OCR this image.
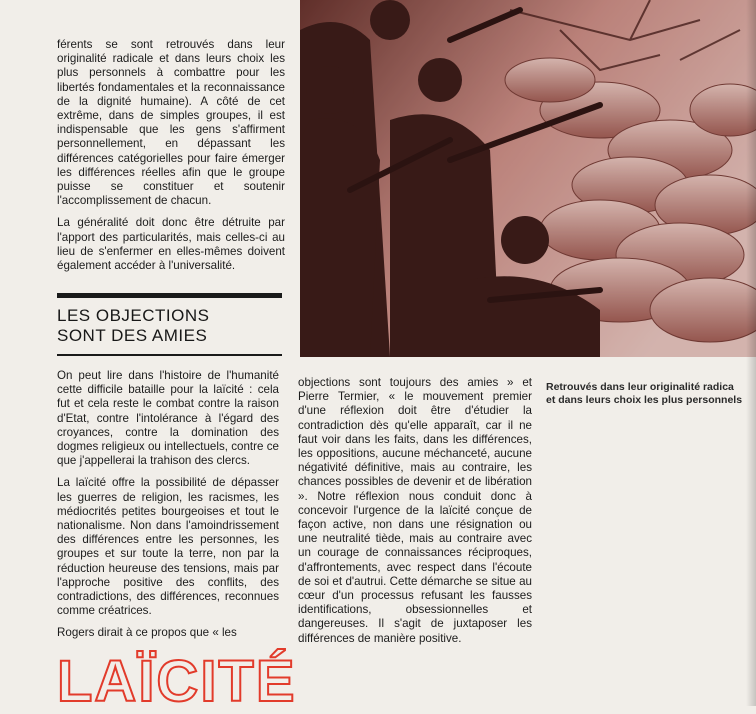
férents se sont retrouvés dans leur originalité radicale et dans leurs choix les plus personnels à combattre pour les libertés fondamentales et la reconnaissance de la dignité humaine). A côté de cet extrême, dans de simples groupes, il est indispensable que les gens s'affirment personnellement, en dépassant les différences catégorielles pour faire émerger les différences réelles afin que le groupe puisse se constituer et soutenir l'accomplissement de chacun.

La généralité doit donc être détruite par l'apport des particularités, mais celles-ci au lieu de s'enfermer en elles-mêmes doivent également accéder à l'universalité.

LES OBJECTIONS
SONT DES AMIES
Retrouvés dans leur originalité radica
et dans leurs choix les plus personnels

On peut lire dans l'histoire de l'humanité cette difficile bataille pour la laïcité : cela fut et cela reste le combat contre la raison d'Etat, contre l'intolérance à l'égard des croyances, contre la domination des dogmes religieux ou intellectuels, contre ce que j'appellerai la trahison des clercs.

La laïcité offre la possibilité de dépasser les guerres de religion, les racismes, les médiocrités petites bourgeoises et tout le nationalisme. Non dans l'amoindrissement des différences entre les personnes, les groupes et sur toute la terre, non par la réduction heureuse des tensions, mais par l'approche positive des conflits, des contradictions, des différences, reconnues comme créatrices.

Rogers dirait à ce propos que « les

objections sont toujours des amies » et Pierre Termier, « le mouvement premier d'une réflexion doit être d'étudier la contradiction dès qu'elle apparaît, car il ne faut voir dans les faits, dans les différences, les oppositions, aucune méchanceté, aucune négativité définitive, mais au contraire, les chances possibles de devenir et de libération ». Notre réflexion nous conduit donc à concevoir l'urgence de la laïcité conçue de façon active, non dans une résignation ou une neutralité tiède, mais au contraire avec un courage de connaissances réciproques, d'affrontements, avec respect dans l'écoute de soi et d'autrui. Cette démarche se situe au cœur d'un processus refusant les fausses identifications, obsessionnelles et dangereuses. Il s'agit de juxtaposer les différences de manière positive.

LAÏCITÉ
